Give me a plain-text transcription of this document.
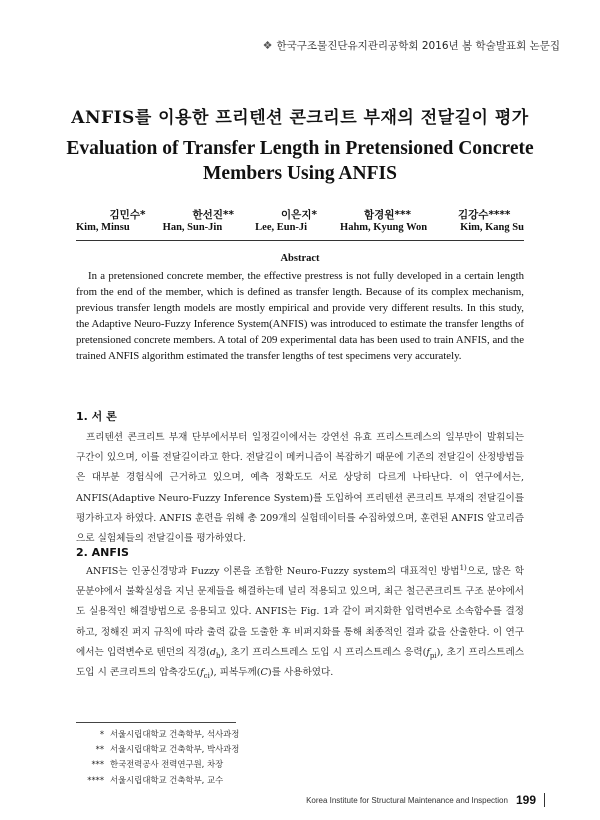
❖ 한국구조물진단유지관리공학회 2016년 봄 학술발표회 논문집
ANFIS를 이용한 프리텐션 콘크리트 부재의 전달길이 평가
Evaluation of Transfer Length in Pretensioned Concrete
Members Using ANFIS
김민수*	한선진**	이은지*	함경원***	김강수****
Kim, Minsu	Han, Sun-Jin	Lee, Eun-Ji	Hahm, Kyung Won	Kim, Kang Su
Abstract

In a pretensioned concrete member, the effective prestress is not fully developed in a certain length from the end of the member, which is defined as transfer length. Because of its complex mechanism, previous transfer length models are mostly empirical and provide very different results. In this study, the Adaptive Neuro-Fuzzy Inference System(ANFIS) was introduced to estimate the transfer lengths of pretensioned concrete members. A total of 209 experimental data has been used to train ANFIS, and the trained ANFIS algorithm estimated the transfer lengths of test specimens very accurately.

1. 서 론

프리텐션 콘크리트 부재 단부에서부터 일정길이에서는 강연선 유효 프리스트레스의 일부만이 발휘되는 구간이 있으며, 이를 전달길이라고 한다. 전달길이 메커니즘이 복잡하기 때문에 기존의 전달길이 산정방법들은 대부분 경험식에 근거하고 있으며, 예측 정확도도 서로 상당히 다르게 나타난다. 이 연구에서는, ANFIS(Adaptive Neuro-Fuzzy Inference System)를 도입하여 프리텐션 콘크리트 부재의 전달길이를 평가하고자 하였다. ANFIS 훈련을 위해 총 209개의 실험데이터를 수집하였으며, 훈련된 ANFIS 알고리즘으로 실험체들의 전달길이를 평가하였다.

2. ANFIS

ANFIS는 인공신경망과 Fuzzy 이론을 조합한 Neuro-Fuzzy system의 대표적인 방법$^{1)}$으로, 많은 학문분야에서 불확실성을 지닌 문제들을 해결하는데 널리 적용되고 있으며, 최근 철근콘크리트 구조 분야에서도 실용적인 해결방법으로 응용되고 있다. ANFIS는 Fig. 1과 같이 퍼지화한 입력변수로 소속함수를 결정하고, 정해진 퍼지 규칙에 따라 출력 값을 도출한 후 비퍼지화를 통해 최종적인 결과 값을 산출한다. 이 연구에서는 입력변수로 텐던의 직경$(d_b)$, 초기 프리스트레스 도입 시 프리스트레스 응력$(f_{pi})$, 초기 프리스트레스 도입 시 콘크리트의 압축강도$(f_{ci})$, 피복두께(C)를 사용하였다.

* 서울시립대학교 건축학부, 석사과정
** 서울시립대학교 건축학부, 박사과정
*** 한국전력공사 전력연구원, 차장
**** 서울시립대학교 건축학부, 교수
Korea Institute for Structural Maintenance and Inspection 199
